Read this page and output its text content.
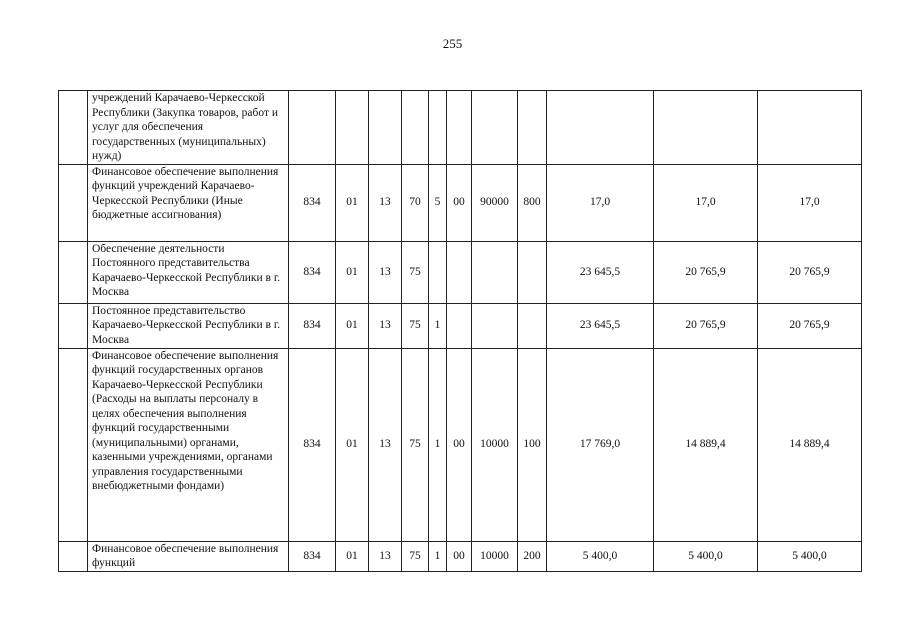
255
	учреждений Карачаево-Черкесской Республики (Закупка товаров, работ и услуг для обеспечения государственных (муниципальных) нужд)											
	Финансовое обеспечение выполнения функций учреждений Карачаево-Черкесской Республики (Иные бюджетные ассигнования)	834	01	13	70	5	00	90000	800	17,0	17,0	17,0
	Обеспечение деятельности Постоянного представительства Карачаево-Черкесской Республики в г. Москва	834	01	13	75					23 645,5	20 765,9	20 765,9
	Постоянное представительство Карачаево-Черкесской Республики в г. Москва	834	01	13	75	1				23 645,5	20 765,9	20 765,9
	Финансовое обеспечение выполнения функций государственных органов Карачаево-Черкесской Республики (Расходы на выплаты персоналу в целях обеспечения выполнения функций государственными (муниципальными) органами, казенными учреждениями, органами управления государственными внебюджетными фондами)	834	01	13	75	1	00	10000	100	17 769,0	14 889,4	14 889,4
	Финансовое обеспечение выполнения функций	834	01	13	75	1	00	10000	200	5 400,0	5 400,0	5 400,0
